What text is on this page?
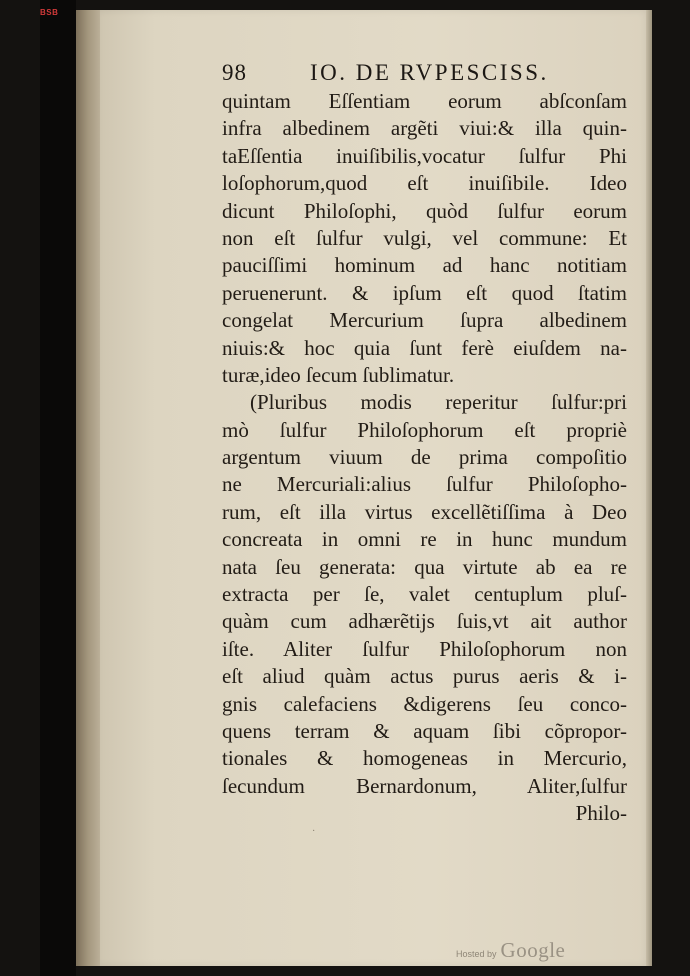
BSB
98	IO. DE RVPESCISS.
quintam Eſſentiam eorum abſconſam
infra albedinem argẽti viui:& illa quin-
taEſſentia inuiſibilis,vocatur ſulfur Phi
loſophorum,quod eſt inuiſibile. Ideo
dicunt Philoſophi, quòd ſulfur eorum
non eſt ſulfur vulgi, vel commune: Et
pauciſſimi hominum ad hanc notitiam
peruenerunt. & ipſum eſt quod ſtatim
congelat Mercurium ſupra albedinem
niuis:& hoc quia ſunt ferè eiuſdem na-
turæ,ideo ſecum ſublimatur.
(Pluribus modis reperitur ſulfur:pri
mò ſulfur Philoſophorum eſt propriè
argentum viuum de prima compoſitio
ne Mercuriali:alius ſulfur Philoſopho-
rum, eſt illa virtus excellẽtiſſima à Deo
concreata in omni re in hunc mundum
nata ſeu generata: qua virtute ab ea re
extracta per ſe, valet centuplum pluſ-
quàm cum adhærẽtijs ſuis,vt ait author
iſte. Aliter ſulfur Philoſophorum non
eſt aliud quàm actus purus aeris & i-
gnis calefaciens &digerens ſeu conco-
quens terram & aquam ſibi cõpropor-
tionales & homogeneas in Mercurio,
ſecundum Bernardonum, Aliter,ſulfur
Philo-
·
Hosted by Google
